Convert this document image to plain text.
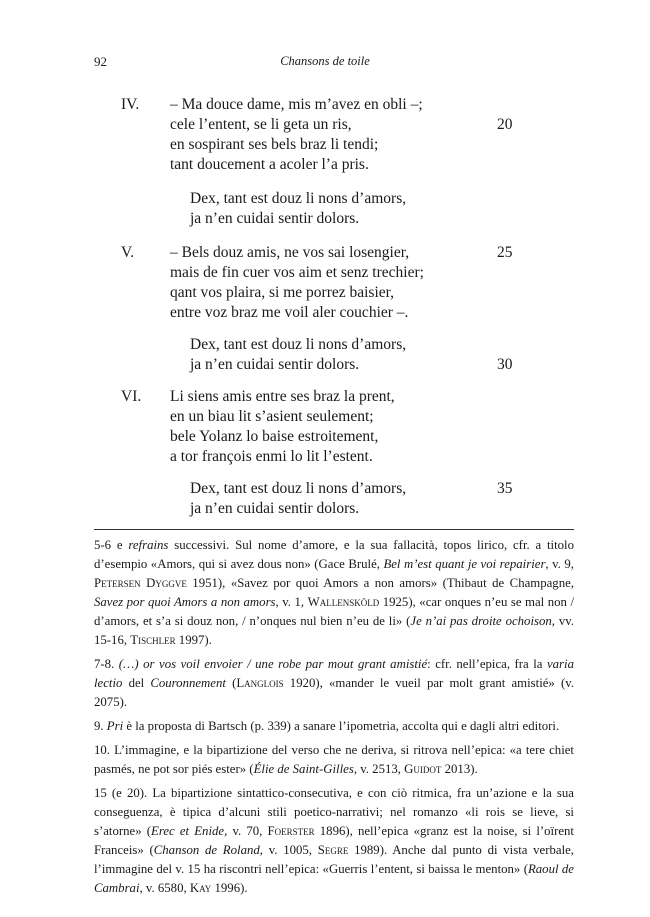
92	Chansons de toile
IV. – Ma douce dame, mis m’avez en obli –;
cele l’entent, se li geta un ris,	20
en sospirant ses bels braz li tendi;
tant doucement a acoler l’a pris.
Dex, tant est douz li nons d’amors,
ja n’en cuidai sentir dolors.
V. – Bels douz amis, ne vos sai losengier,	25
mais de fin cuer vos aim et senz trechier;
qant vos plaira, si me porrez baisier,
entre voz braz me voil aler couchier –.
Dex, tant est douz li nons d’amors,
ja n’en cuidai sentir dolors.	30
VI. Li siens amis entre ses braz la prent,
en un biau lit s’asient seulement;
bele Yolanz lo baise estroitement,
a tor françois enmi lo lit l’estent.
Dex, tant est douz li nons d’amors,	35
ja n’en cuidai sentir dolors.

5-6 e refrains successivi. Sul nome d’amore, e la sua fallacità, topos lirico, cfr. a titolo d’esempio «Amors, qui si avez dous non» (Gace Brulé, Bel m’est quant je voi repairier, v. 9, Petersen Dyggve 1951), «Savez por quoi Amors a non amors» (Thibaut de Champagne, Savez por quoi Amors a non amors, v. 1, Wallensköld 1925), «car onques n’eu se mal non / d’amors, et s’a si douz non, / n’onques nul bien n’eu de li» (Je n’ai pas droite ochoison, vv. 15-16, Tischler 1997).

7-8. (…) or vos voil envoier / une robe par mout grant amistié: cfr. nell’epica, fra la varia lectio del Couronnement (Langlois 1920), «mander le vueil par molt grant amistié» (v. 2075).

9. Pri è la proposta di Bartsch (p. 339) a sanare l’ipometria, accolta qui e dagli altri editori.

10. L’immagine, e la bipartizione del verso che ne deriva, si ritrova nell’epica: «a tere chiet pasmés, ne pot sor piés ester» (Élie de Saint-Gilles, v. 2513, Guidot 2013).

15 (e 20). La bipartizione sintattico-consecutiva, e con ciò ritmica, fra un’azione e la sua conseguenza, è tipica d’alcuni stili poetico-narrativi; nel romanzo «li rois se lieve, si s’atorne» (Erec et Enide, v. 70, Foerster 1896), nell’epica «granz est la noise, si l’oïrent Franceis» (Chanson de Roland, v. 1005, Segre 1989). Anche dal punto di vista verbale, l’immagine del v. 15 ha riscontri nell’epica: «Guerris l’entent, si baissa le menton» (Raoul de Cambrai, v. 6580, Kay 1996).
